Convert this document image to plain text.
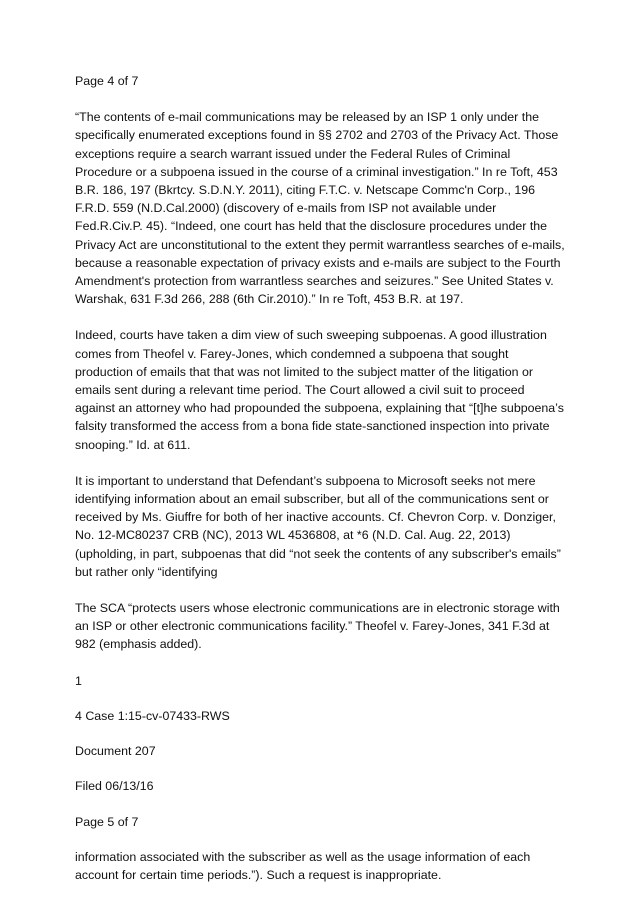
Page 4 of 7

“The contents of e-mail communications may be released by an ISP 1 only under the specifically enumerated exceptions found in §§ 2702 and 2703 of the Privacy Act. Those exceptions require a search warrant issued under the Federal Rules of Criminal Procedure or a subpoena issued in the course of a criminal investigation.” In re Toft, 453 B.R. 186, 197 (Bkrtcy. S.D.N.Y. 2011), citing F.T.C. v. Netscape Commc'n Corp., 196 F.R.D. 559 (N.D.Cal.2000) (discovery of e-mails from ISP not available under Fed.R.Civ.P. 45). “Indeed, one court has held that the disclosure procedures under the Privacy Act are unconstitutional to the extent they permit warrantless searches of e-mails, because a reasonable expectation of privacy exists and e-mails are subject to the Fourth Amendment's protection from warrantless searches and seizures.” See United States v. Warshak, 631 F.3d 266, 288 (6th Cir.2010).” In re Toft, 453 B.R. at 197.

Indeed, courts have taken a dim view of such sweeping subpoenas. A good illustration comes from Theofel v. Farey-Jones, which condemned a subpoena that sought production of emails that that was not limited to the subject matter of the litigation or emails sent during a relevant time period. The Court allowed a civil suit to proceed against an attorney who had propounded the subpoena, explaining that “[t]he subpoena’s falsity transformed the access from a bona fide state-sanctioned inspection into private snooping.” Id. at 611.

It is important to understand that Defendant’s subpoena to Microsoft seeks not mere identifying information about an email subscriber, but all of the communications sent or received by Ms. Giuffre for both of her inactive accounts. Cf. Chevron Corp. v. Donziger, No. 12-MC80237 CRB (NC), 2013 WL 4536808, at *6 (N.D. Cal. Aug. 22, 2013) (upholding, in part, subpoenas that did “not seek the contents of any subscriber's emails” but rather only “identifying

The SCA “protects users whose electronic communications are in electronic storage with an ISP or other electronic communications facility.” Theofel v. Farey-Jones, 341 F.3d at 982 (emphasis added).

1

4 Case 1:15-cv-07433-RWS

Document 207

Filed 06/13/16

Page 5 of 7

information associated with the subscriber as well as the usage information of each account for certain time periods.”). Such a request is inappropriate.
